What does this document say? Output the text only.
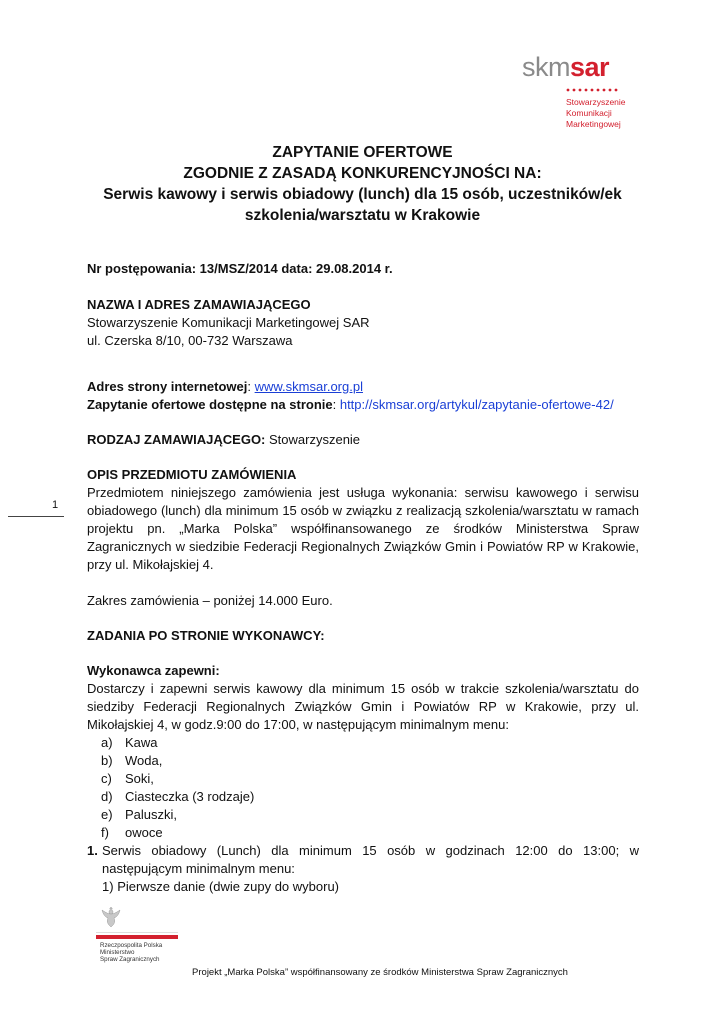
skmsar
Stowarzyszenie
Komunikacji
Marketingowej
ZAPYTANIE OFERTOWE
ZGODNIE Z ZASADĄ KONKURENCYJNOŚCI NA:
Serwis kawowy i serwis obiadowy (lunch) dla 15 osób, uczestników/ek
szkolenia/warsztatu w Krakowie
Nr postępowania: 13/MSZ/2014 data: 29.08.2014 r.
NAZWA I ADRES ZAMAWIAJĄCEGO
Stowarzyszenie Komunikacji Marketingowej SAR
ul. Czerska 8/10, 00-732 Warszawa
Adres strony internetowej: www.skmsar.org.pl
Zapytanie ofertowe dostępne na stronie: http://skmsar.org/artykul/zapytanie-ofertowe-42/
RODZAJ ZAMAWIAJĄCEGO: Stowarzyszenie
OPIS PRZEDMIOTU ZAMÓWIENIA
Przedmiotem niniejszego zamówienia jest usługa wykonania: serwisu kawowego i serwisu obiadowego (lunch) dla minimum 15 osób w związku z realizacją szkolenia/warsztatu w ramach projektu pn. „Marka Polska” współfinansowanego ze środków Ministerstwa Spraw Zagranicznych w siedzibie Federacji Regionalnych Związków Gmin i Powiatów RP w Krakowie, przy ul. Mikołajskiej 4.
1
Zakres zamówienia – poniżej 14.000 Euro.
ZADANIA PO STRONIE WYKONAWCY:
Wykonawca zapewni:
Dostarczy i zapewni serwis kawowy dla minimum 15 osób w trakcie szkolenia/warsztatu do siedziby Federacji Regionalnych Związków Gmin i Powiatów RP w Krakowie, przy ul. Mikołajskiej 4, w godz.9:00 do 17:00, w następującym minimalnym menu:
a) Kawa
b) Woda,
c) Soki,
d) Ciasteczka (3 rodzaje)
e) Paluszki,
f) owoce
1. Serwis obiadowy (Lunch) dla minimum 15 osób w godzinach 12:00 do 13:00; w następującym minimalnym menu:
1) Pierwsze danie (dwie zupy do wyboru)
Rzeczpospolita Polska
Ministerstwo
Spraw Zagranicznych
Projekt „Marka Polska” współfinansowany ze środków Ministerstwa Spraw Zagranicznych
